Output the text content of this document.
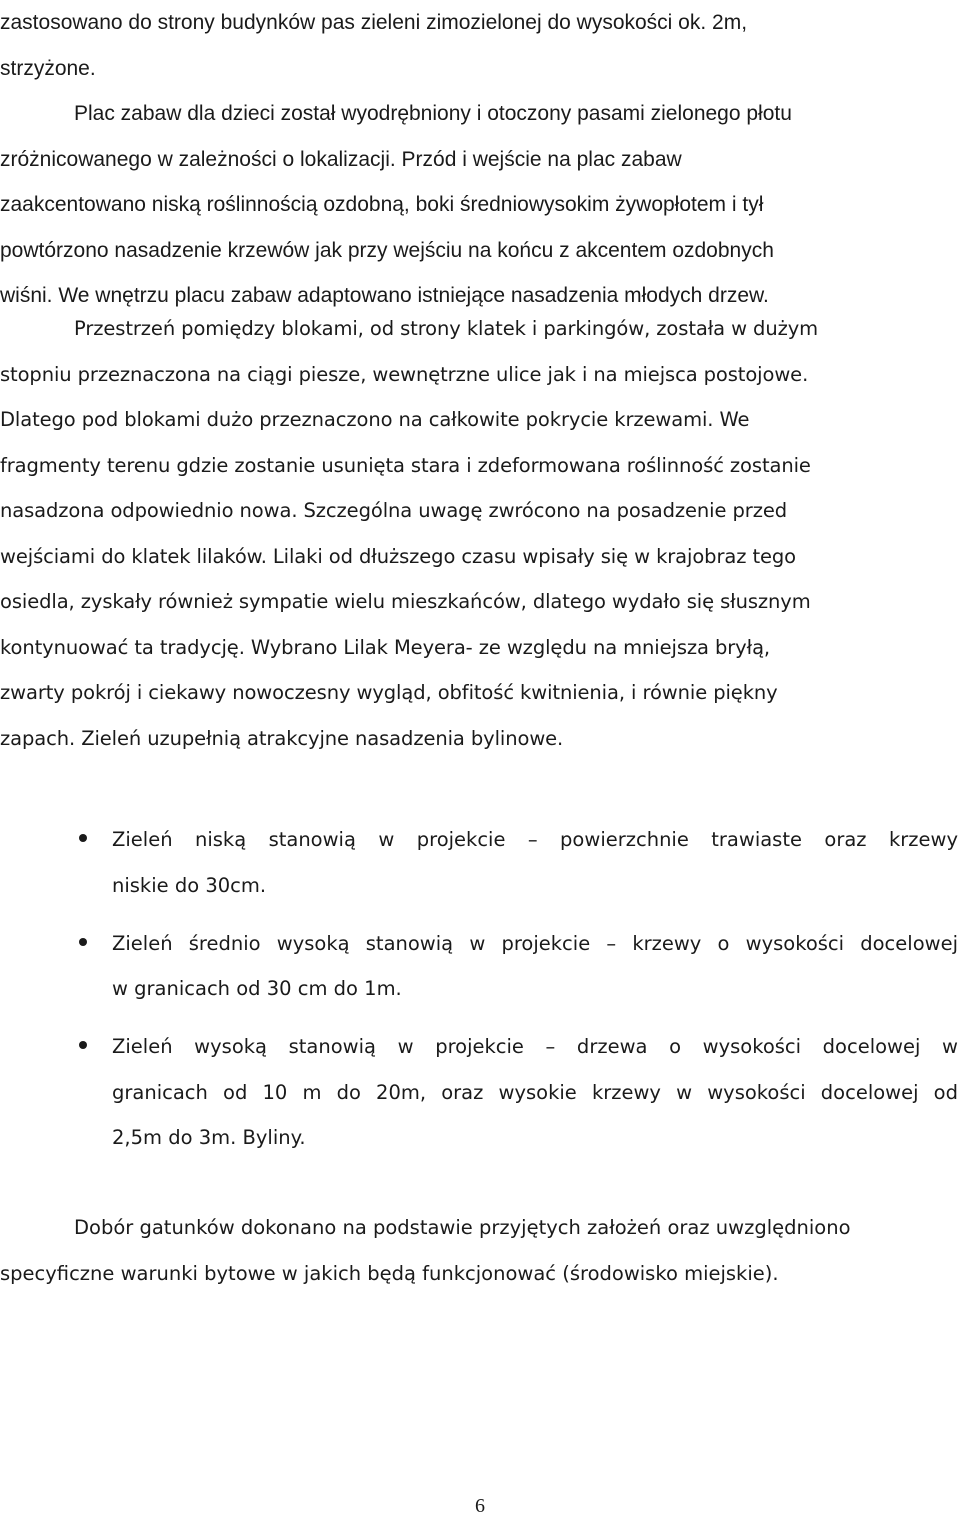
zastosowano do strony budynków pas zieleni zimozielonej do wysokości ok. 2m,
strzyżone.
Plac zabaw dla dzieci został wyodrębniony i otoczony pasami zielonego płotu
zróżnicowanego w zależności o lokalizacji. Przód i wejście na plac zabaw
zaakcentowano niską roślinnością ozdobną, boki średniowysokim żywopłotem i tył
powtórzono nasadzenie krzewów jak przy wejściu na końcu z akcentem ozdobnych
wiśni. We wnętrzu placu zabaw adaptowano istniejące nasadzenia młodych drzew.
Przestrzeń pomiędzy blokami, od strony klatek i parkingów, została w dużym
stopniu przeznaczona na ciągi piesze, wewnętrzne ulice jak i na miejsca postojowe.
Dlatego pod blokami dużo przeznaczono na całkowite pokrycie krzewami. We
fragmenty terenu gdzie zostanie usunięta stara i zdeformowana roślinność zostanie
nasadzona odpowiednio nowa. Szczególna uwagę zwrócono na posadzenie przed
wejściami do klatek lilaków. Lilaki od dłuższego czasu wpisały się w krajobraz tego
osiedla, zyskały również sympatie wielu mieszkańców, dlatego wydało się słusznym
kontynuować ta tradycję. Wybrano Lilak Meyera- ze względu na mniejsza bryłą,
zwarty pokrój i ciekawy nowoczesny wygląd, obfitość kwitnienia, i równie piękny
zapach. Zieleń uzupełnią atrakcyjne nasadzenia bylinowe.
Zieleń niską stanowią w projekcie – powierzchnie trawiaste oraz krzewy
niskie do 30cm.
Zieleń średnio wysoką stanowią w projekcie – krzewy o wysokości docelowej
w granicach od 30 cm do 1m.
Zieleń wysoką stanowią w projekcie – drzewa o wysokości docelowej w
granicach od 10 m do 20m, oraz wysokie krzewy w wysokości docelowej od
2,5m do 3m. Byliny.
Dobór gatunków dokonano na podstawie przyjętych założeń oraz uwzględniono
specyficzne warunki bytowe w jakich będą funkcjonować (środowisko miejskie).
6
